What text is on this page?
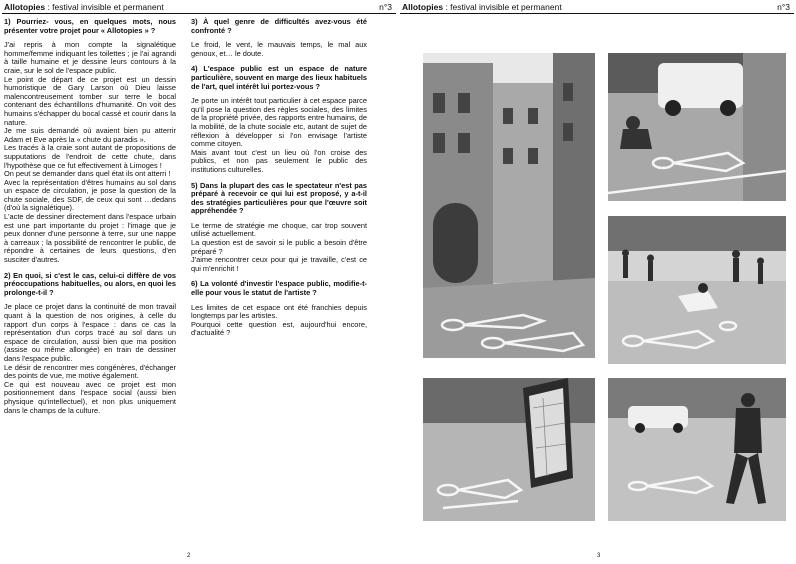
Allotopies : festival invisible et permanent	n°3

1) Pourriez- vous, en quelques mots, nous présenter votre projet pour « Allotopies » ?

J'ai repris à mon compte la signalétique homme/femme indiquant les toilettes ; je l'ai agrandi à taille humaine et je dessine leurs contours à la craie, sur le sol de l'espace public.

Le point de départ de ce projet est un dessin humoristique de Gary Larson où Dieu laisse malencontreusement tomber sur terre le bocal contenant des échantillons d'humanité. On voit des humains s'échapper du bocal cassé et courir dans la nature.

Je me suis demandé où avaient bien pu atterrir Adam et Eve après la « chute du paradis ».

Les tracés à la craie sont autant de propositions de supputations de l'endroit de cette chute, dans l'hypothèse que ce fut effectivement à Limoges !

On peut se demander dans quel état ils ont atterri !

Avec la représentation d'êtres humains au sol dans un espace de circulation, je pose la question de la chute sociale, des SDF, de ceux qui sont …dedans (d'où la signalétique).

L'acte de dessiner directement dans l'espace urbain est une part importante du projet : l'image que je peux donner d'une personne à terre, sur une nappe à carreaux ; la possibilité de rencontrer le public, de répondre à certaines de leurs questions, d'en susciter d'autres.

2) En quoi, si c'est le cas, celui-ci diffère de vos préoccupations habituelles, ou alors, en quoi les prolonge-t-il ?

Je place ce projet dans la continuité de mon travail quant à la question de nos origines, à celle du rapport d'un corps à l'espace : dans ce cas la représentation d'un corps tracé au sol dans un espace de circulation, aussi bien que ma position (assise ou même allongée) en train de dessiner dans l'espace public.

Le désir de rencontrer mes congénères, d'échanger des points de vue, me motive également.

Ce qui est nouveau avec ce projet est mon positionnement dans l'espace social (aussi bien physique qu'intellectuel), et non plus uniquement dans le champs de la culture.

3) À quel genre de difficultés avez-vous été confronté ?

Le froid, le vent, le mauvais temps, le mal aux genoux, et… le doute.

4) L'espace public est un espace de nature particulière, souvent en marge des lieux habituels de l'art, quel intérêt lui portez-vous ?

Je porte un intérêt tout particulier à cet espace parce qu'il pose la question des règles sociales, des limites de la propriété privée, des rapports entre humains, de la mobilité, de la chute sociale etc, autant de sujet de réflexion à développer si l'on envisage l'artiste comme citoyen.

Mais avant tout c'est un lieu où l'on croise des publics, et non pas seulement le public des institutions culturelles.

5) Dans la plupart des cas le spectateur n'est pas préparé à recevoir ce qui lui est proposé, y a-t-il des stratégies particulières pour que l'œuvre soit appréhendée ?

Le terme de stratégie me choque, car trop souvent utilisé actuellement.

La question est de savoir si le public a besoin d'être préparé ?

J'aime rencontrer ceux pour qui je travaille, c'est ce qui m'enrichit !

6) La volonté d'investir l'espace public, modifie-t-elle pour vous le statut de l'artiste ?

Les limites de cet espace ont été franchies depuis longtemps par les artistes.

Pourquoi cette question est, aujourd'hui encore, d'actualité ?

2
Allotopies : festival invisible et permanent	n°3
3
